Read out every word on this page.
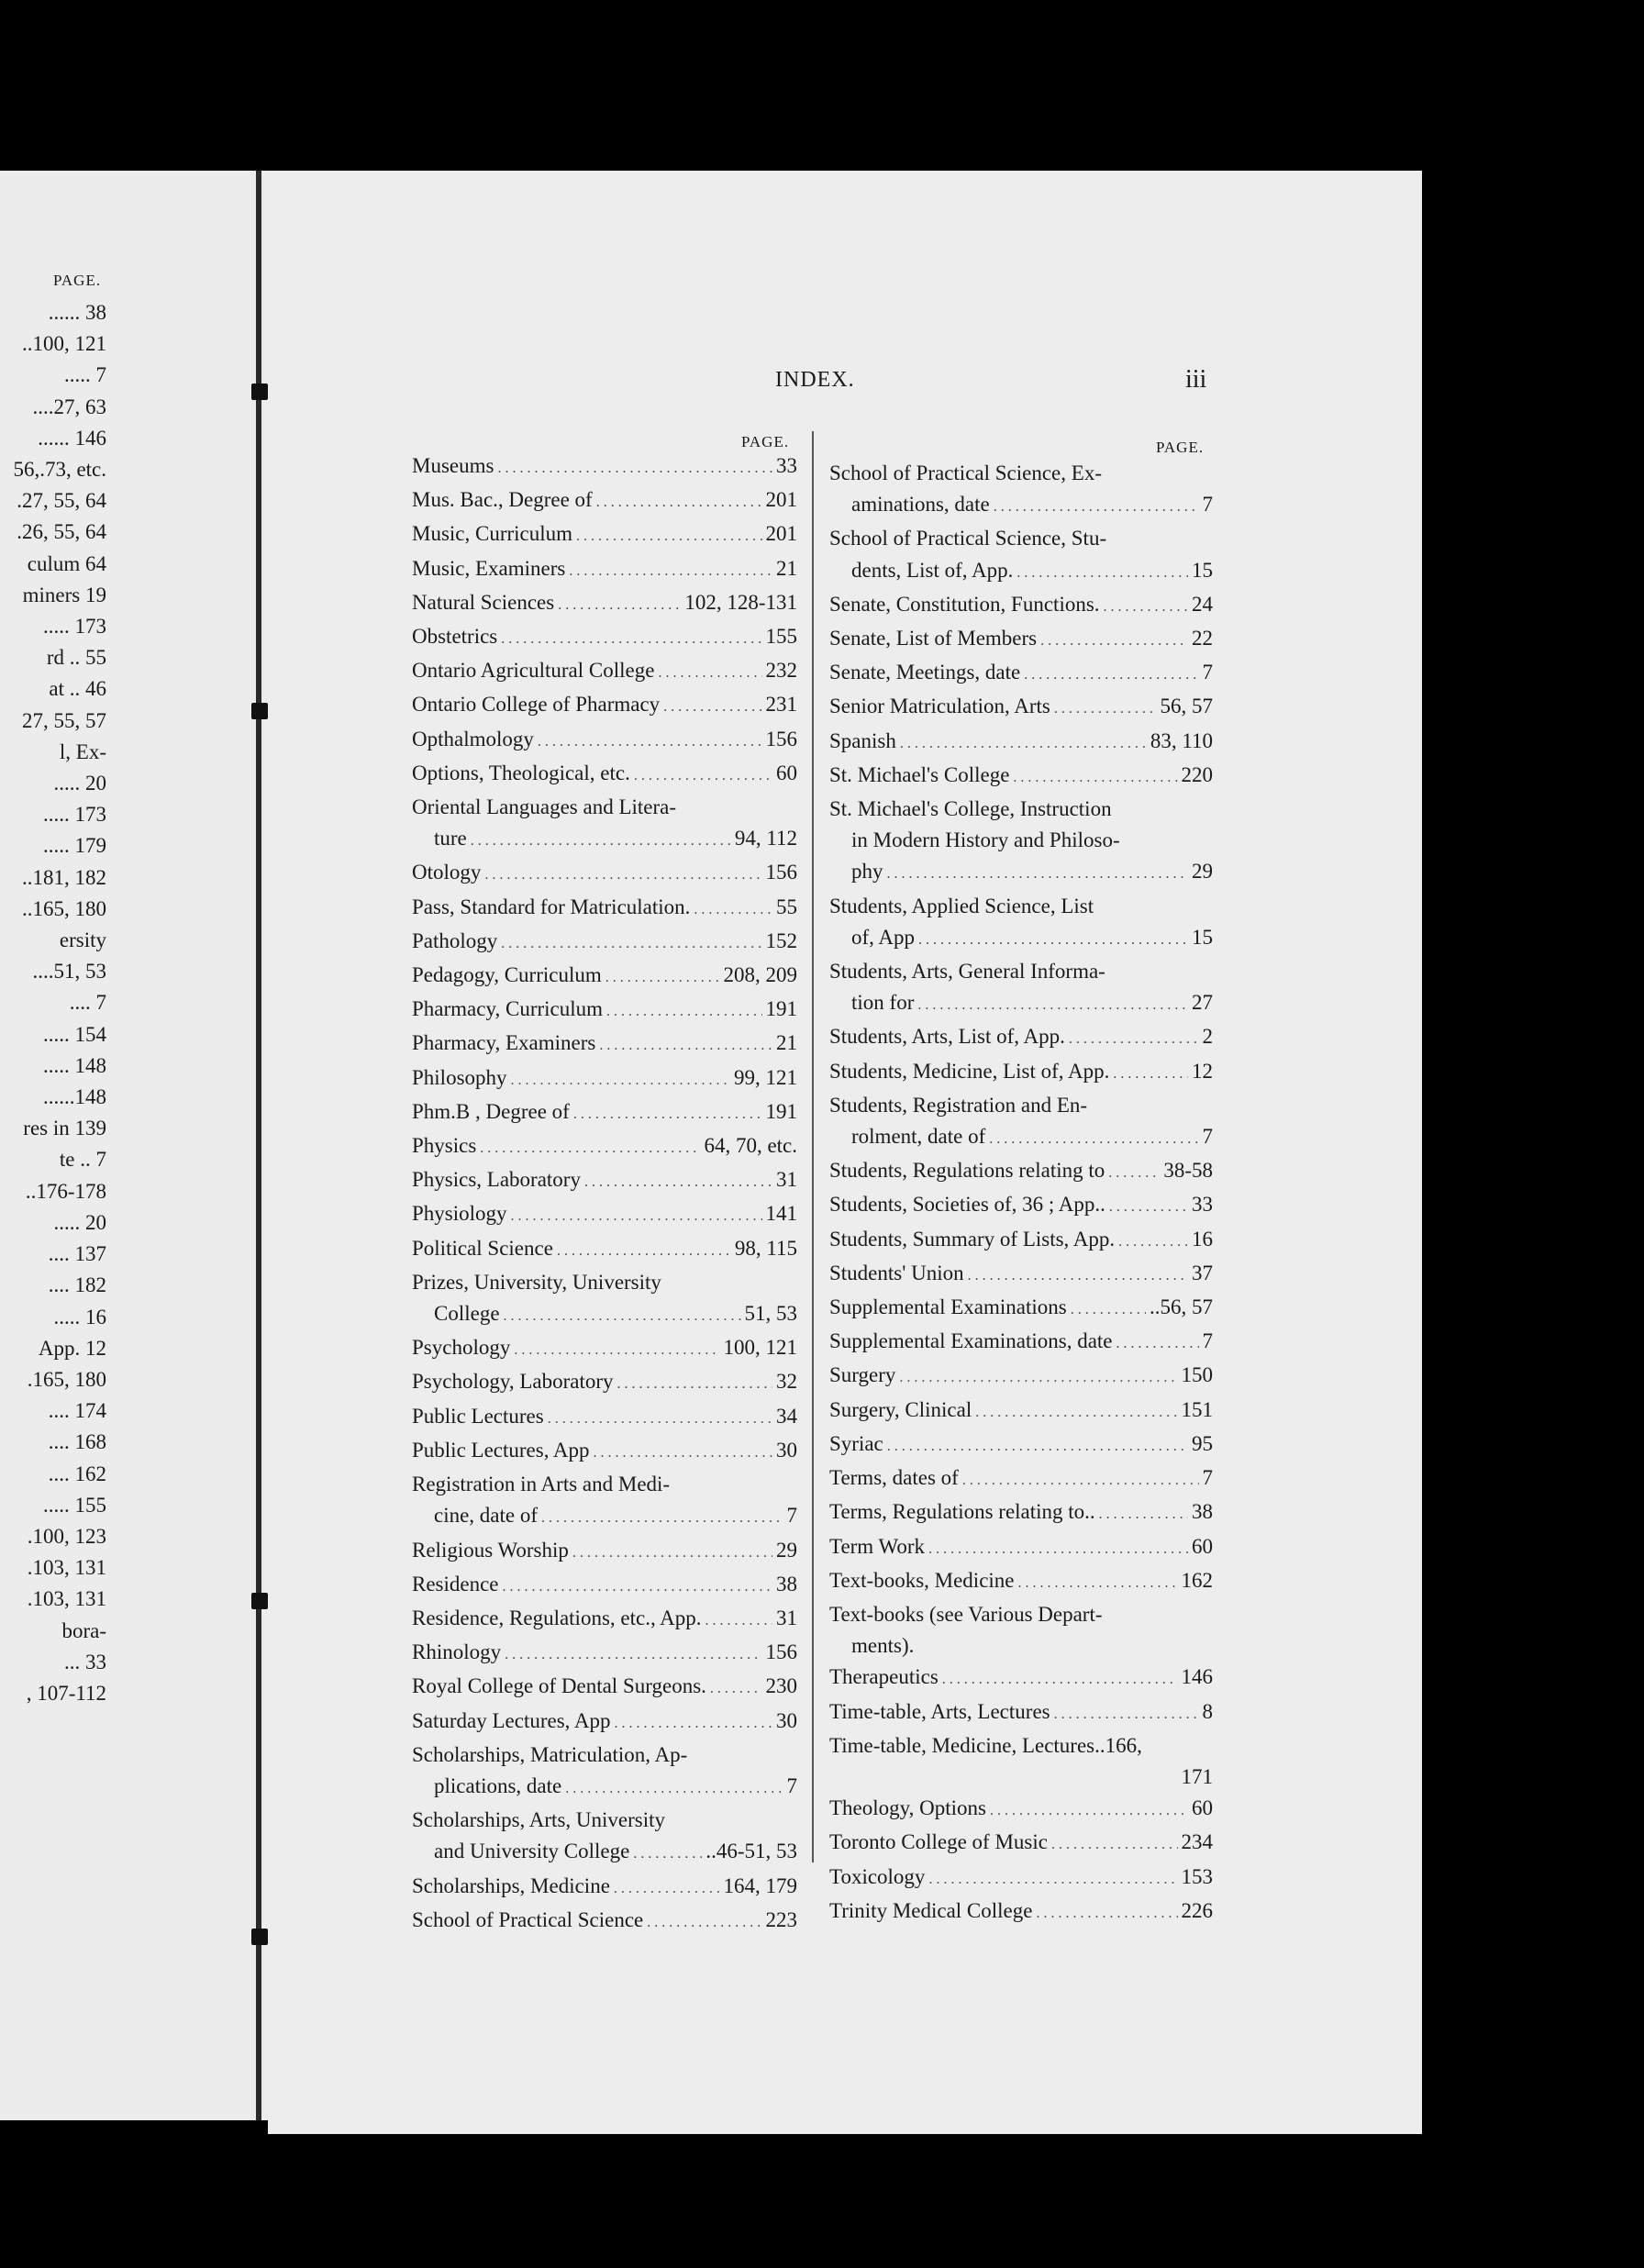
PAGE.
...... 38
..100, 121
..... 7
....27, 63
...... 146
56,.73, etc.
.27, 55, 64
.26, 55, 64
culum 64
miners 19
..... 173
rd .. 55
at .. 46
27, 55, 57
l, Ex-
..... 20
..... 173
..... 179
..181, 182
..165, 180
ersity
....51, 53
.... 7
..... 154
..... 148
......148
res in 139
te .. 7
..176-178
..... 20
.... 137
.... 182
..... 16
App. 12
.165, 180
.... 174
.... 168
.... 162
..... 155
.100, 123
.103, 131
.103, 131
bora-
... 33
, 107-112
INDEX.	iii
PAGE.	PAGE.
Museums . . .	33
Mus. Bac., Degree of . . .	201
Music, Curriculum . . .	201
Music, Examiners . . .	21
Natural Sciences . . .	102, 128-131
Obstetrics . . .	155
Ontario Agricultural College . . .	232
Ontario College of Pharmacy . . .	231
Opthalmology . . .	156
Options, Theological, etc. . . .	60
Oriental Languages and Litera-
ture . . .	94, 112
Otology . . .	156
Pass, Standard for Matriculation. . . .	55
Pathology . . .	152
Pedagogy, Curriculum . . .	208, 209
Pharmacy, Curriculum . . .	191
Pharmacy, Examiners . . .	21
Philosophy . . .	99, 121
Phm.B , Degree of . . .	191
Physics . . .	64, 70, etc.
Physics, Laboratory . . .	31
Physiology . . .	141
Political Science . . .	98, 115
Prizes, University, University
College . . .	51, 53
Psychology . . .	100, 121
Psychology, Laboratory . . .	32
Public Lectures . . .	34
Public Lectures, App . . .	30
Registration in Arts and Medi-
cine, date of . . .	7
Religious Worship . . .	29
Residence . . .	38
Residence, Regulations, etc., App. . . .	31
Rhinology . . .	156
Royal College of Dental Surgeons. . . .	230
Saturday Lectures, App . . .	30
Scholarships, Matriculation, Ap-
plications, date . . .	7
Scholarships, Arts, University
and University College . . .	..46-51, 53
Scholarships, Medicine . . .	164, 179
School of Practical Science . . .	223
School of Practical Science, Ex-
aminations, date . . .	7
School of Practical Science, Stu-
dents, List of, App. . . .	15
Senate, Constitution, Functions. . . .	24
Senate, List of Members . . .	22
Senate, Meetings, date . . .	7
Senior Matriculation, Arts . . .	56, 57
Spanish . . .	83, 110
St. Michael's College . . .	220
St. Michael's College, Instruction
in Modern History and Philoso-
phy . . .	29
Students, Applied Science, List
of, App . . .	15
Students, Arts, General Informa-
tion for . . .	27
Students, Arts, List of, App. . . .	2
Students, Medicine, List of, App. . . .	12
Students, Registration and En-
rolment, date of . . .	7
Students, Regulations relating to . . .	38-58
Students, Societies of, 36 ; App.. . . .	33
Students, Summary of Lists, App. . . .	16
Students' Union . . .	37
Supplemental Examinations . . .	..56, 57
Supplemental Examinations, date . . .	7
Surgery . . .	150
Surgery, Clinical . . .	151
Syriac . . .	95
Terms, dates of . . .	7
Terms, Regulations relating to.. . . .	38
Term Work . . .	60
Text-books, Medicine . . .	162
Text-books (see Various Depart-
ments).
Therapeutics . . .	146
Time-table, Arts, Lectures . . .	8
Time-table, Medicine, Lectures..166,
171
Theology, Options . . .	60
Toronto College of Music . . .	234
Toxicology . . .	153
Trinity Medical College . . .	226
